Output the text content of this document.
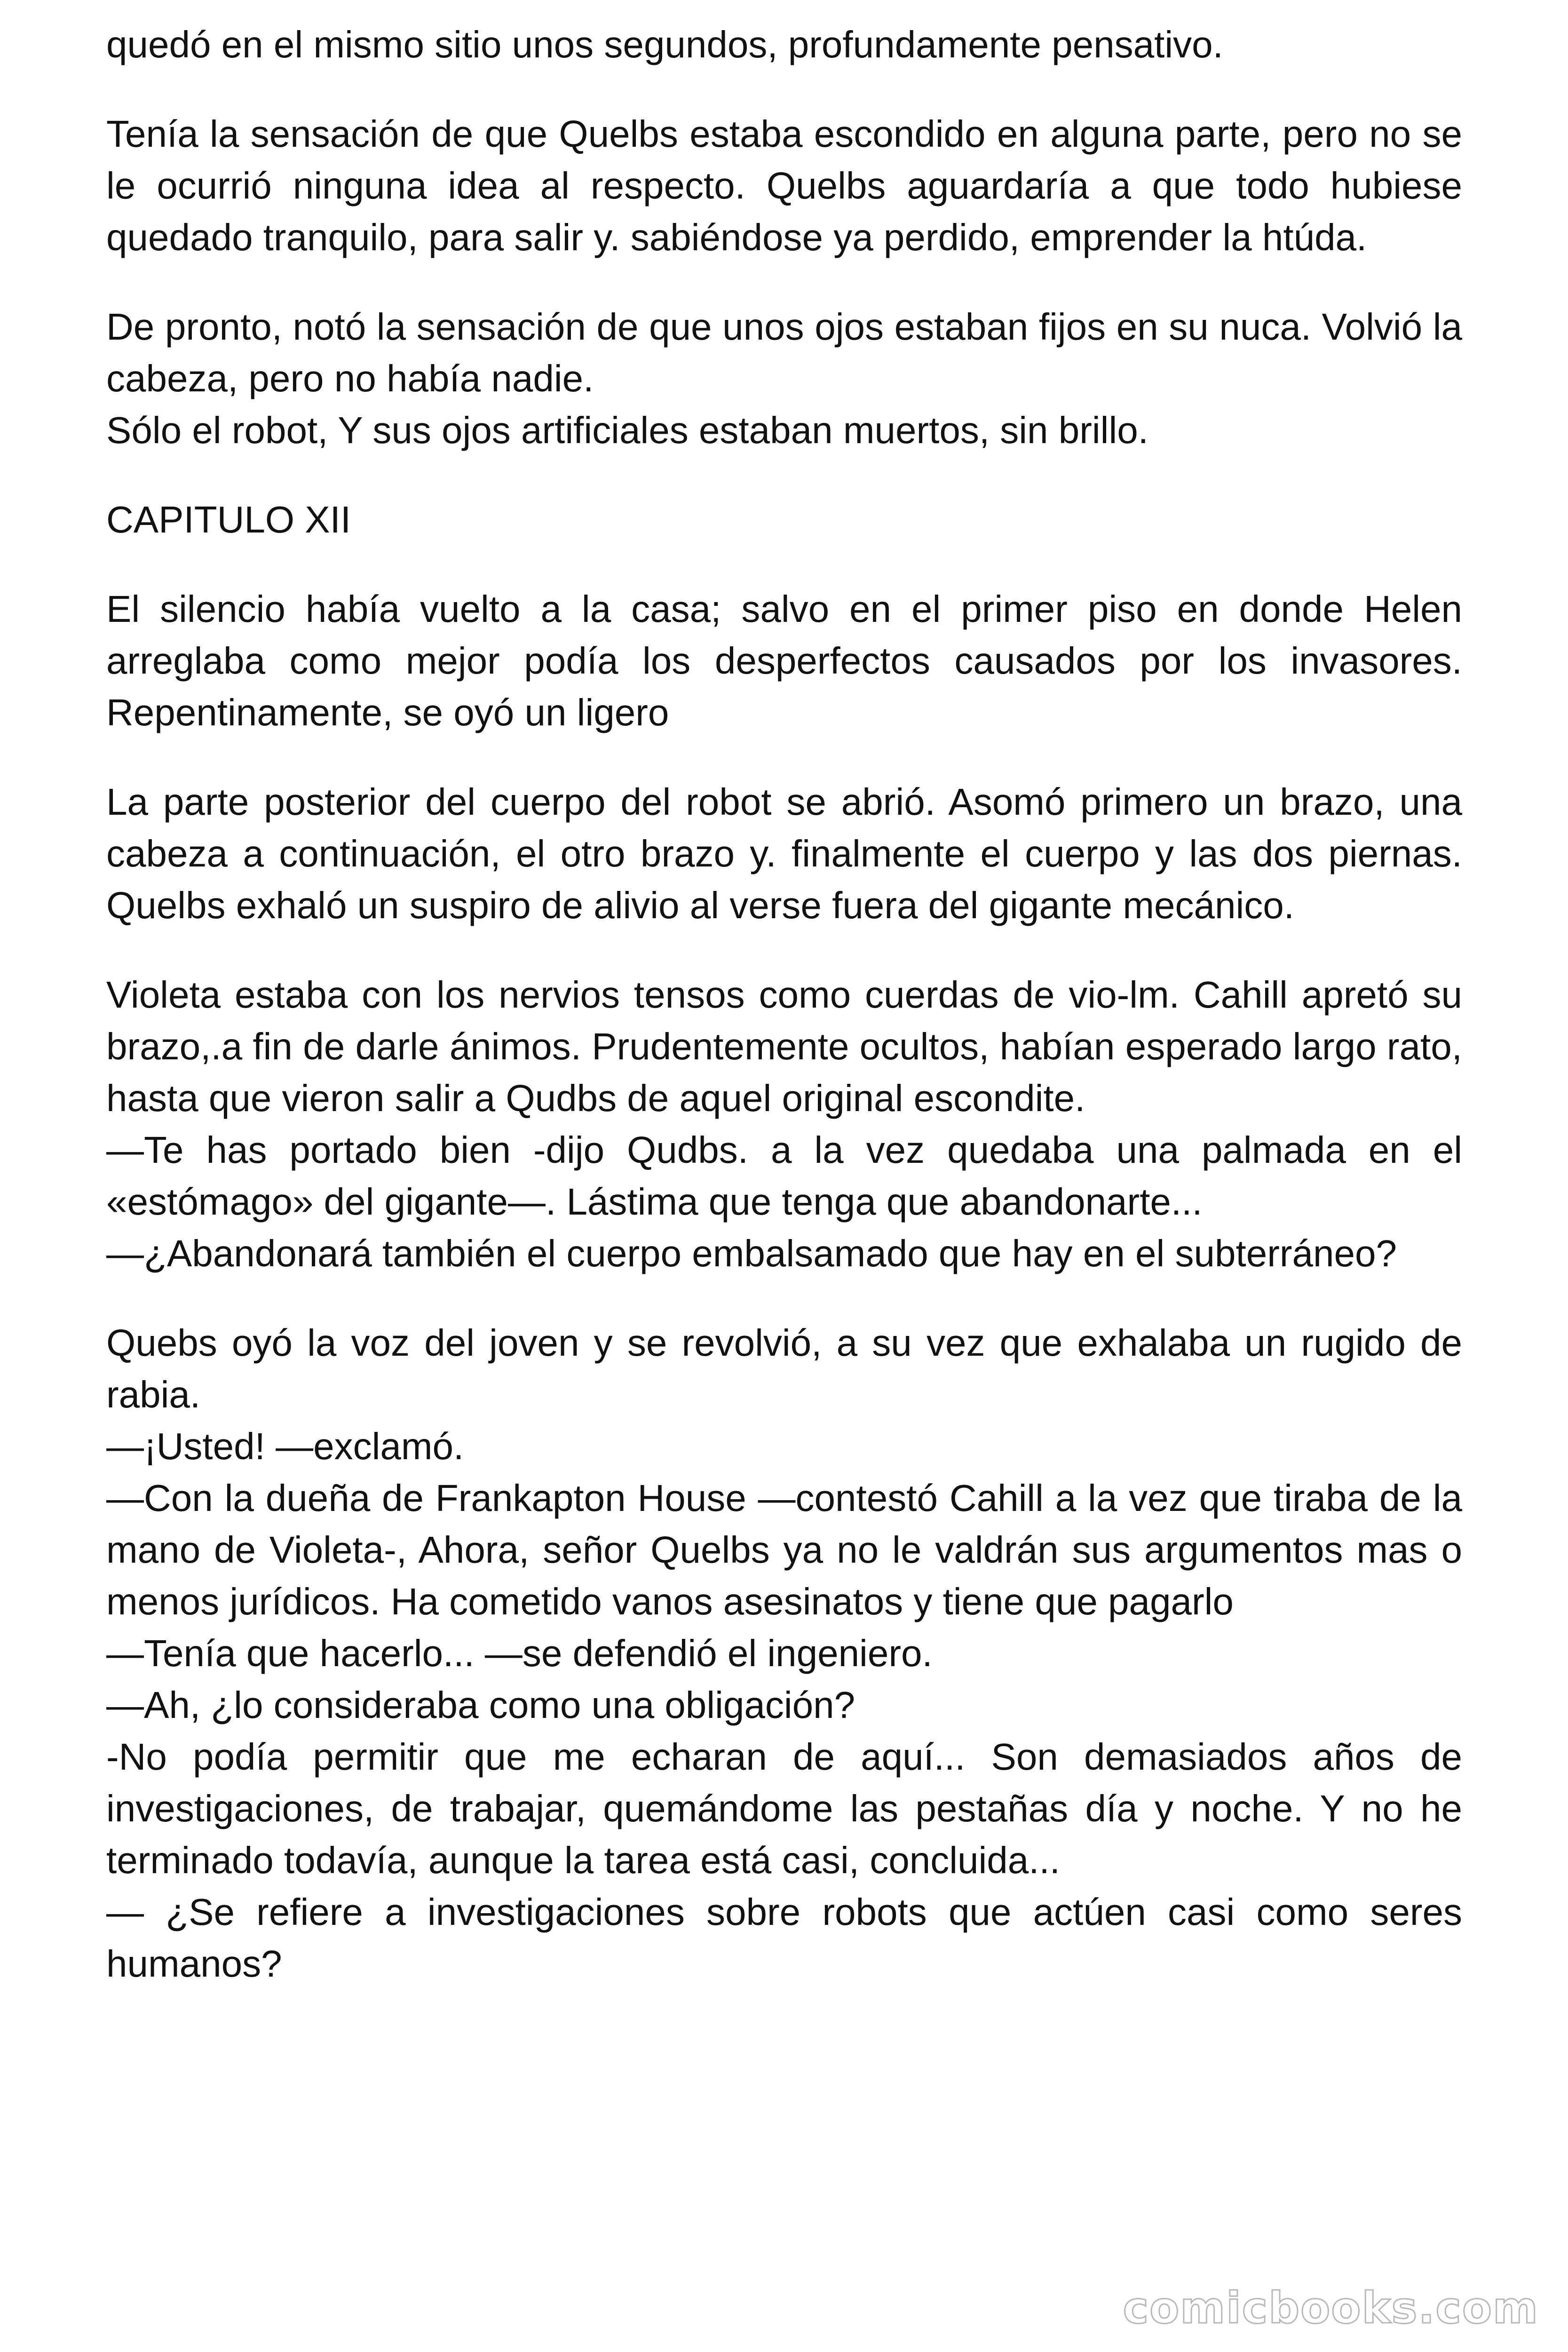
quedó en el mismo sitio unos segundos, profundamente pensativo.

Tenía la sensación de que Quelbs estaba escondido en alguna parte, pero no se le ocurrió ninguna idea al respecto. Quelbs aguardaría a que todo hubiese quedado tranquilo, para salir y. sabiéndose ya perdido, emprender la htúda.

De pronto, notó la sensación de que unos ojos estaban fijos en su nuca. Volvió la cabeza, pero no había nadie.
Sólo el robot, Y sus ojos artificiales estaban muertos, sin brillo.

CAPITULO XII

El silencio había vuelto a la casa; salvo en el primer piso en donde Helen arreglaba como mejor podía los desperfectos causados por los invasores. Repentinamente, se oyó un ligero

La parte posterior del cuerpo del robot se abrió. Asomó primero un brazo, una cabeza a continuación, el otro brazo y. finalmente el cuerpo y las dos piernas. Quelbs exhaló un suspiro de alivio al verse fuera del gigante mecánico.

Violeta estaba con los nervios tensos como cuerdas de vio-lm. Cahill apretó su brazo,.a fin de darle ánimos. Prudentemente ocultos, habían esperado largo rato, hasta que vieron salir a Qudbs de aquel original escondite.
—Te has portado bien -dijo Qudbs. a la vez quedaba una palmada en el «estómago» del gigante—. Lástima que tenga que abandonarte...
—¿Abandonará también el cuerpo embalsamado que hay en el subterráneo?

Quebs oyó la voz del joven y se revolvió, a su vez que exhalaba un rugido de rabia.
—¡Usted! —exclamó.
—Con la dueña de Frankapton House —contestó Cahill a la vez que tiraba de la mano de Violeta-, Ahora, señor Quelbs ya no le valdrán sus argumentos mas o menos jurídicos. Ha cometido vanos asesinatos y tiene que pagarlo
—Tenía que hacerlo... —se defendió el ingeniero.
—Ah, ¿lo consideraba como una obligación?
-No podía permitir que me echaran de aquí... Son demasiados años de investigaciones, de trabajar, quemándome las pestañas día y noche. Y no he terminado todavía, aunque la tarea está casi, concluida...
— ¿Se refiere a investigaciones sobre robots que actúen casi como seres humanos?

comicbooks.com
